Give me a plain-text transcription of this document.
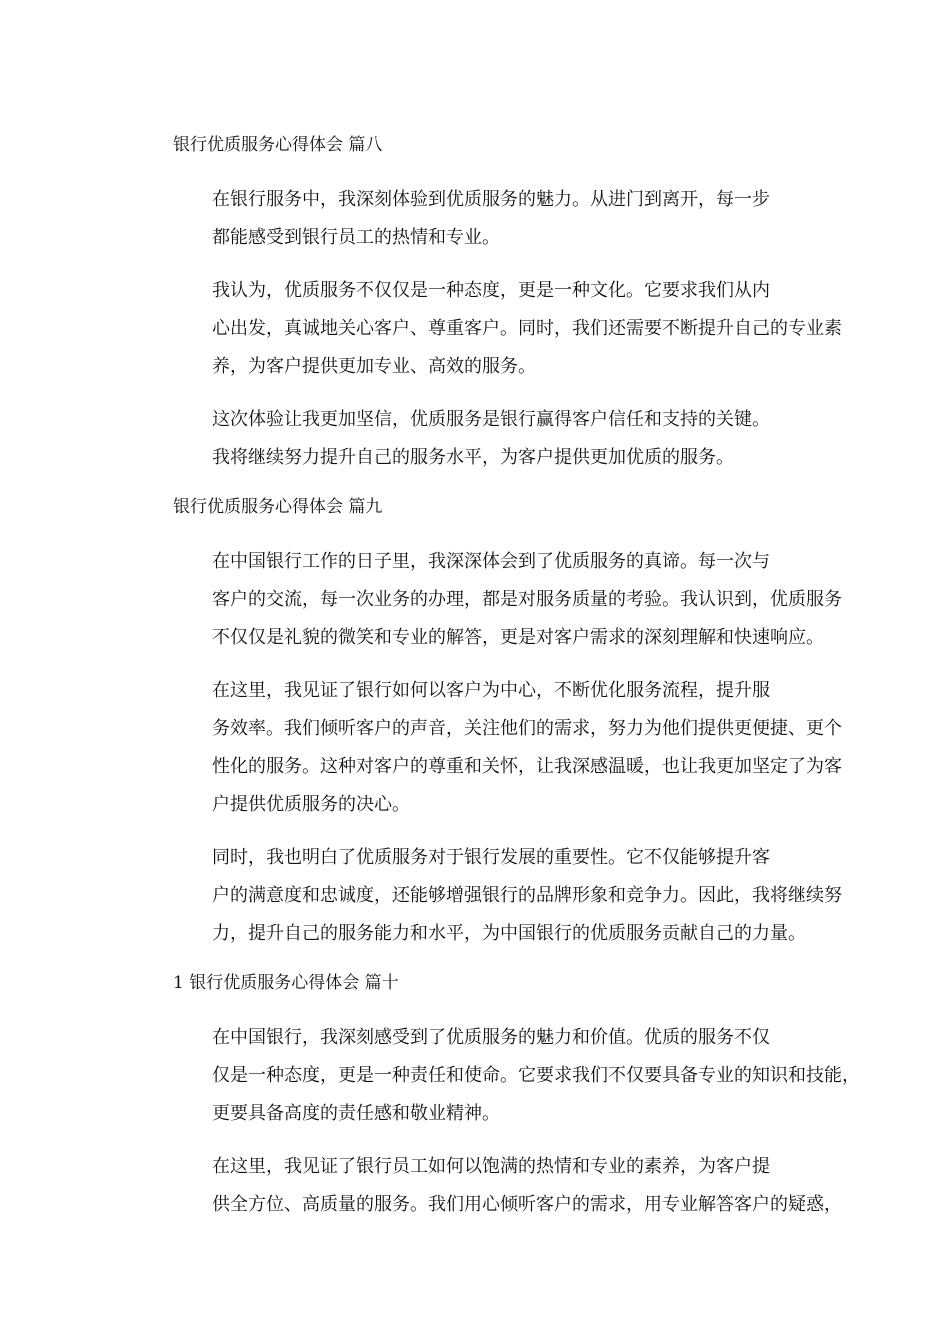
银行优质服务心得体会 篇八

在银行服务中，我深刻体验到优质服务的魅力。从进门到离开，每一步
都能感受到银行员工的热情和专业。

我认为，优质服务不仅仅是一种态度，更是一种文化。它要求我们从内
心出发，真诚地关心客户、尊重客户。同时，我们还需要不断提升自己的专业素
养，为客户提供更加专业、高效的服务。

这次体验让我更加坚信，优质服务是银行赢得客户信任和支持的关键。
我将继续努力提升自己的服务水平，为客户提供更加优质的服务。

银行优质服务心得体会 篇九

在中国银行工作的日子里，我深深体会到了优质服务的真谛。每一次与
客户的交流，每一次业务的办理，都是对服务质量的考验。我认识到，优质服务
不仅仅是礼貌的微笑和专业的解答，更是对客户需求的深刻理解和快速响应。

在这里，我见证了银行如何以客户为中心，不断优化服务流程，提升服
务效率。我们倾听客户的声音，关注他们的需求，努力为他们提供更便捷、更个
性化的服务。这种对客户的尊重和关怀，让我深感温暖，也让我更加坚定了为客
户提供优质服务的决心。

同时，我也明白了优质服务对于银行发展的重要性。它不仅能够提升客
户的满意度和忠诚度，还能够增强银行的品牌形象和竞争力。因此，我将继续努
力，提升自己的服务能力和水平，为中国银行的优质服务贡献自己的力量。

1 银行优质服务心得体会 篇十

在中国银行，我深刻感受到了优质服务的魅力和价值。优质的服务不仅
仅是一种态度，更是一种责任和使命。它要求我们不仅要具备专业的知识和技能，
更要具备高度的责任感和敬业精神。

在这里，我见证了银行员工如何以饱满的热情和专业的素养，为客户提
供全方位、高质量的服务。我们用心倾听客户的需求，用专业解答客户的疑惑，
